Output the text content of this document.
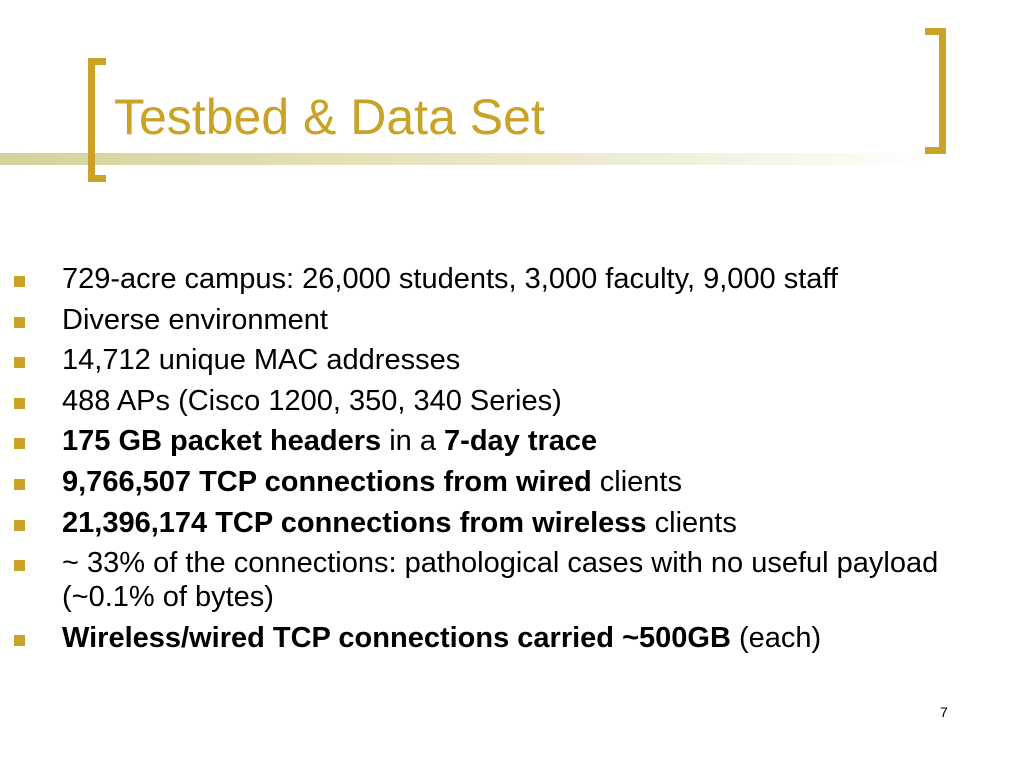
Testbed & Data Set
729-acre campus: 26,000 students, 3,000 faculty, 9,000 staff
Diverse environment
14,712 unique MAC addresses
488 APs (Cisco 1200, 350, 340 Series)
175 GB packet headers in a 7-day trace
9,766,507 TCP connections from wired clients
21,396,174 TCP connections from wireless clients
~ 33% of the connections: pathological cases with no useful payload (~0.1% of bytes)
Wireless/wired TCP connections carried ~500GB (each)
7
